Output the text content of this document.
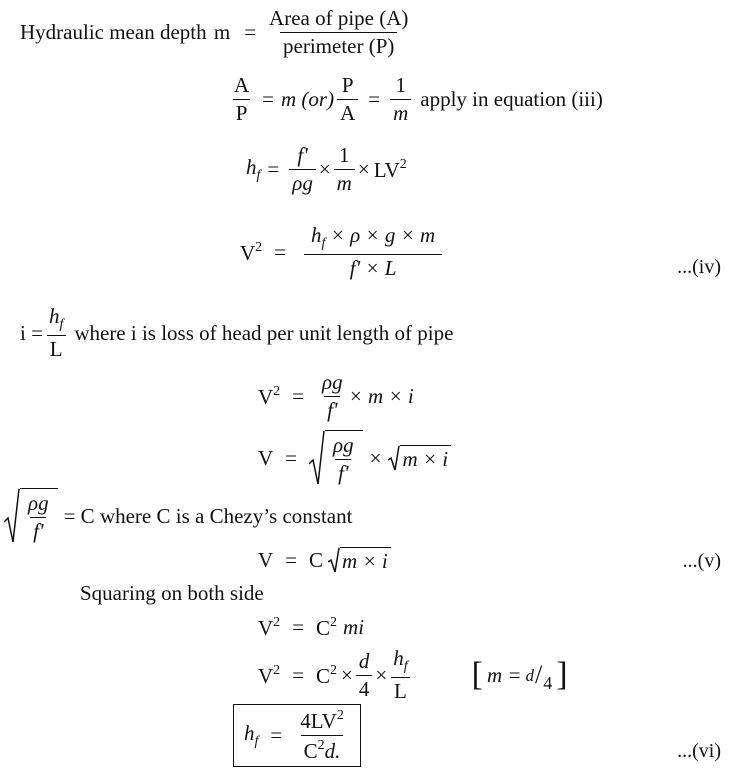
Hydraulic mean depth
$m = \frac{\text{Area of pipe (A)}}{\text{perimeter (P)}}$
$\frac{A}{P} = m$ $(or) \frac{P}{A} = \frac{1}{m}$ apply in equation (iii)
$h_f = \frac{f'}{\rho g} \times \frac{1}{m} \times LV^2$
$V^2 = \frac{h_f \times \rho \times g \times m}{f' \times L}$	...(iv)
$i = \frac{h_f}{L}$ where i is loss of head per unit length of pipe
$V^2 = \frac{\rho g}{f'} \times m \times i$
$V = \frac{\rho g}{f'} \times m \times i$
$\frac{\rho g}{f'} = C$ where C is a Chezy’s constant
V = C m × i	...(v)
Squaring on both side
$V^2 = C^2$ mi
$V^2 = C^2 \times \frac{d}{4} \times \frac{h_f}{L}$ [ m = d / 4 ]
$h_f = \frac{4LV^2}{C^2d.}$	...(vi)
